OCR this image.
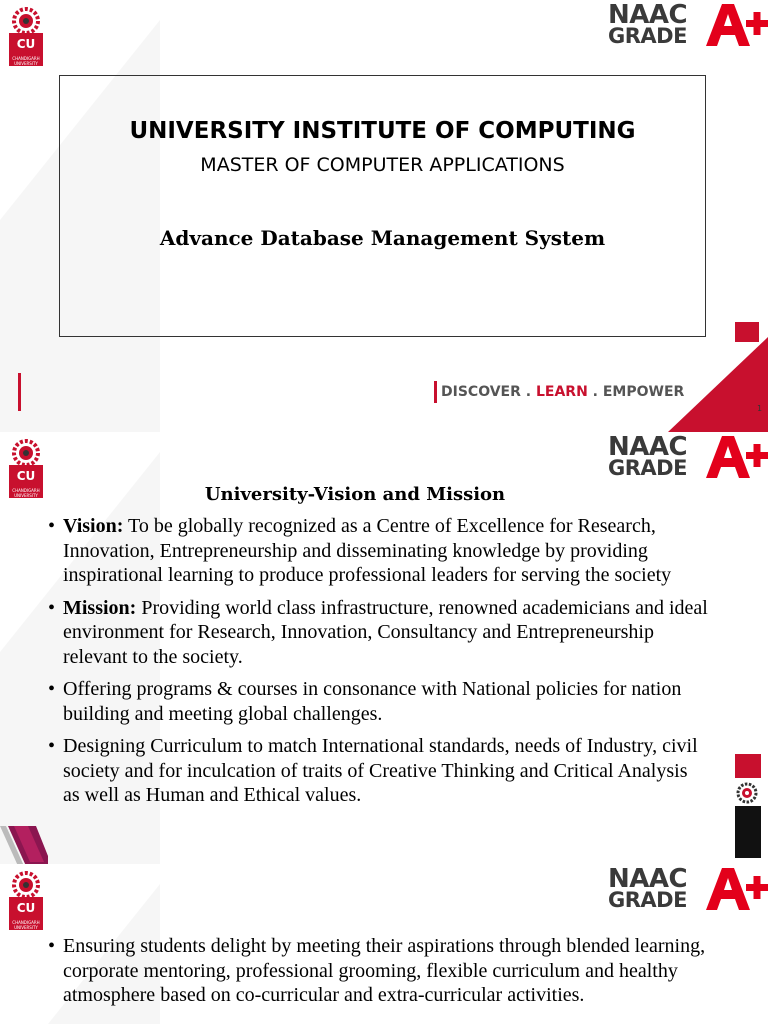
CU
CHANDIGARH UNIVERSITY
NAAC
GRADE
UNIVERSITY INSTITUTE OF COMPUTING
MASTER OF COMPUTER APPLICATIONS
Advance Database Management System
DISCOVER . LEARN . EMPOWER
1
CU
CHANDIGARH UNIVERSITY
NAAC
GRADE
University-Vision and Mission
• Vision: To be globally recognized as a Centre of Excellence for Research, Innovation, Entrepreneurship and disseminating knowledge by providing inspirational learning to produce professional leaders for serving the society
• Mission: Providing world class infrastructure, renowned academicians and ideal environment for Research, Innovation, Consultancy and Entrepreneurship relevant to the society.
• Offering programs & courses in consonance with National policies for nation building and meeting global challenges.
• Designing Curriculum to match International standards, needs of Industry, civil society and for inculcation of traits of Creative Thinking and Critical Analysis as well as Human and Ethical values.
CU
CHANDIGARH UNIVERSITY
NAAC
GRADE
• Ensuring students delight by meeting their aspirations through blended learning, corporate mentoring, professional grooming, flexible curriculum and healthy atmosphere based on co-curricular and extra-curricular activities.
